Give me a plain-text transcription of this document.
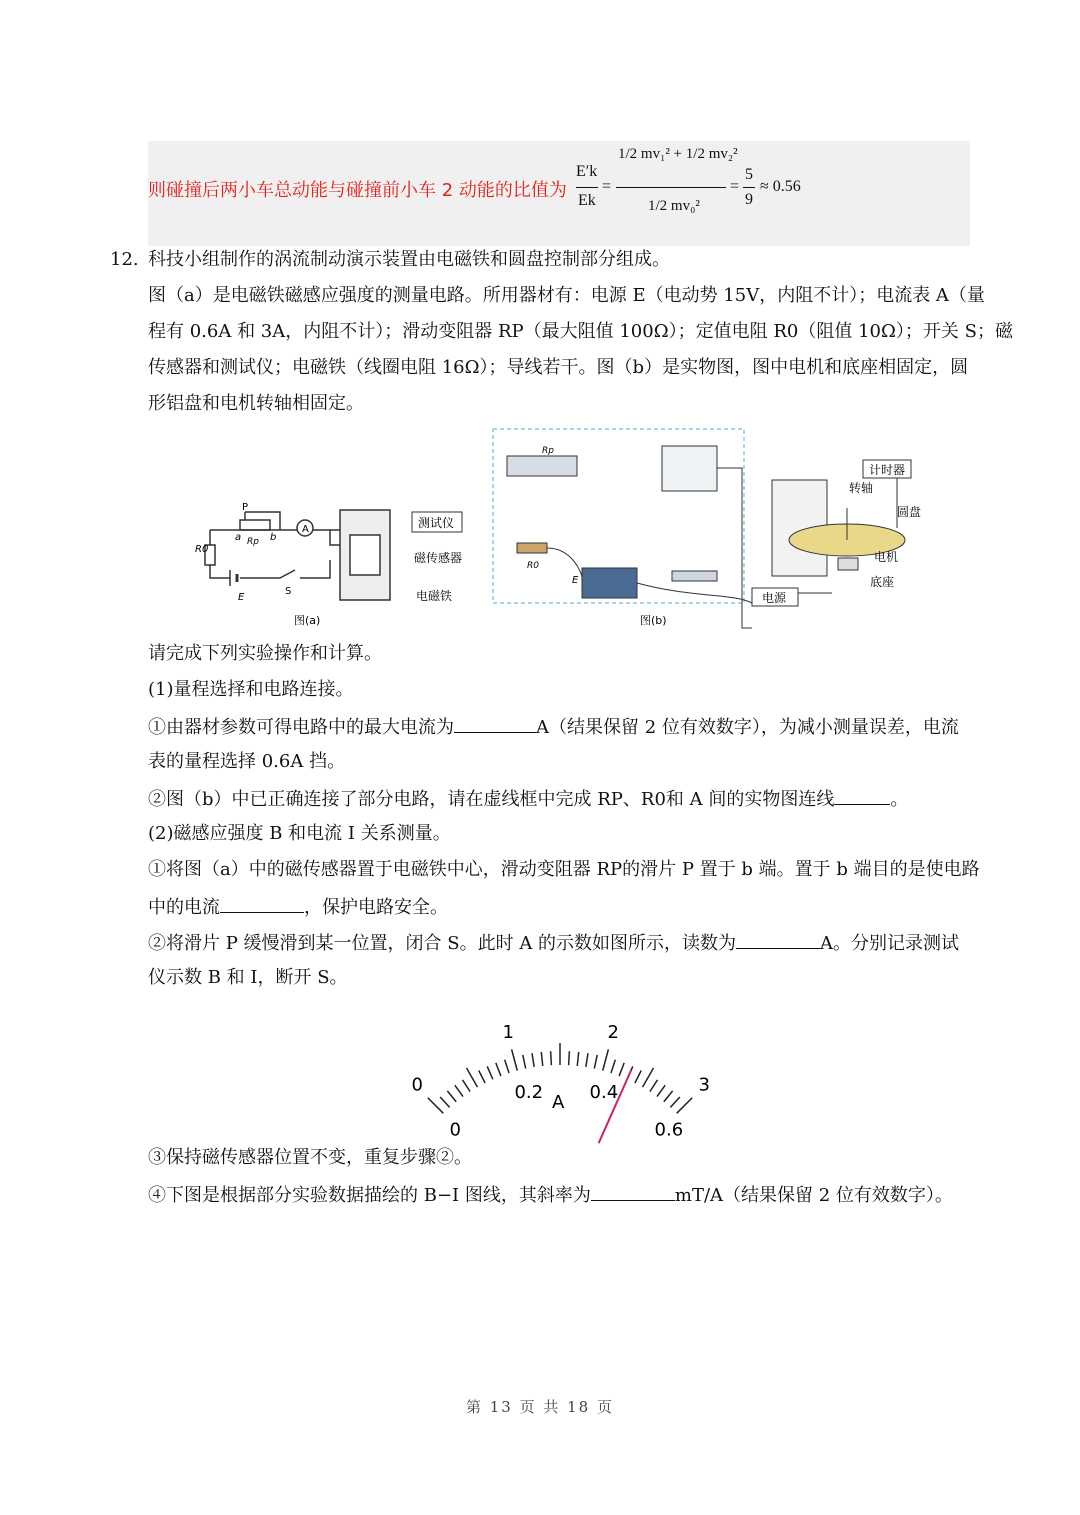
则碰撞后两小车总动能与碰撞前小车 2 动能的比值为
E′k
Ek
=
1/2 mv₁² + 1/2 mv₂²
1/2 mv₀²
=
5
9
≈ 0.56
12. 科技小组制作的涡流制动演示装置由电磁铁和圆盘控制部分组成。
图（a）是电磁铁磁感应强度的测量电路。所用器材有：电源 E（电动势 15V，内阻不计）；电流表 A（量
程有 0.6A 和 3A，内阻不计）；滑动变阻器 RP（最大阻值 100Ω）；定值电阻 R0（阻值 10Ω）；开关 S；磁
传感器和测试仪；电磁铁（线圈电阻 16Ω）；导线若干。图（b）是实物图，图中电机和底座相固定，圆
形铝盘和电机转轴相固定。
A
P
a Rp b
R0
E
S
测试仪
磁传感器
电磁铁
图(a)
Rp
R0
E
计时器
转轴
圆盘
电机
底座
电源
图(b)
请完成下列实验操作和计算。
(1)量程选择和电路连接。
①由器材参数可得电路中的最大电流为	A（结果保留 2 位有效数字），为减小测量误差，电流
表的量程选择 0.6A 挡。
②图（b）中已正确连接了部分电路，请在虚线框中完成 RP、R0和 A 间的实物图连线	。
(2)磁感应强度 B 和电流 I 关系测量。
①将图（a）中的磁传感器置于电磁铁中心，滑动变阻器 RP的滑片 P 置于 b 端。置于 b 端目的是使电路
中的电流	，保护电路安全。
②将滑片 P 缓慢滑到某一位置，闭合 S。此时 A 的示数如图所示，读数为	A。分别记录测试
仪示数 B 和 I，断开 S。
0
1	2
3
0
0.2	0.4
0.6
A
③保持磁传感器位置不变，重复步骤②。
④下图是根据部分实验数据描绘的 B−I 图线，其斜率为	mT/A（结果保留 2 位有效数字）。
第 13 页 共 18 页
